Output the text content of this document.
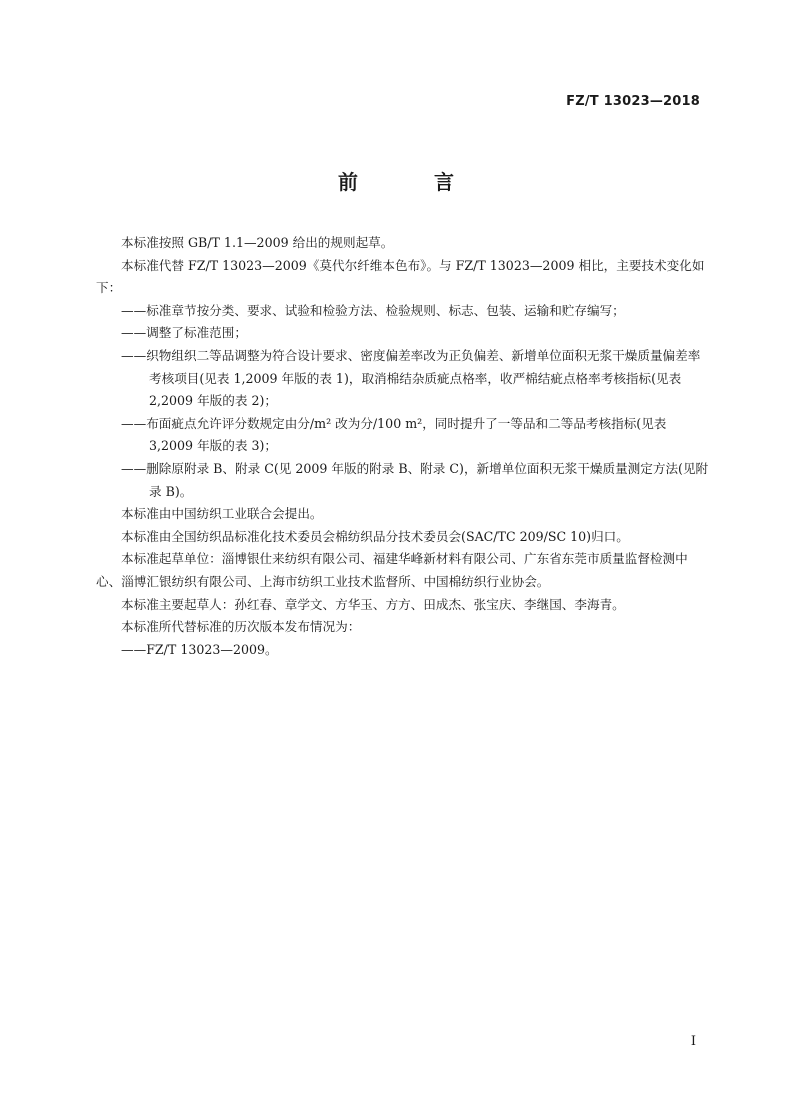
FZ/T 13023—2018
前　言

本标准按照 GB/T 1.1—2009 给出的规则起草。

本标准代替 FZ/T 13023—2009《莫代尔纤维本色布》。与 FZ/T 13023—2009 相比，主要技术变化如下：

——标准章节按分类、要求、试验和检验方法、检验规则、标志、包装、运输和贮存编写；

——调整了标准范围；

——织物组织二等品调整为符合设计要求、密度偏差率改为正负偏差、新增单位面积无浆干燥质量偏差率考核项目(见表 1,2009 年版的表 1)，取消棉结杂质疵点格率，收严棉结疵点格率考核指标(见表 2,2009 年版的表 2)；

——布面疵点允许评分数规定由分/m² 改为分/100 m²，同时提升了一等品和二等品考核指标(见表 3,2009 年版的表 3)；

——删除原附录 B、附录 C(见 2009 年版的附录 B、附录 C)，新增单位面积无浆干燥质量测定方法(见附录 B)。

本标准由中国纺织工业联合会提出。

本标准由全国纺织品标准化技术委员会棉纺织品分技术委员会(SAC/TC 209/SC 10)归口。

本标准起草单位：淄博银仕来纺织有限公司、福建华峰新材料有限公司、广东省东莞市质量监督检测中心、淄博汇银纺织有限公司、上海市纺织工业技术监督所、中国棉纺织行业协会。

本标准主要起草人：孙红春、章学文、方华玉、方方、田成杰、张宝庆、李继国、李海青。

本标准所代替标准的历次版本发布情况为：

——FZ/T 13023—2009。

I
